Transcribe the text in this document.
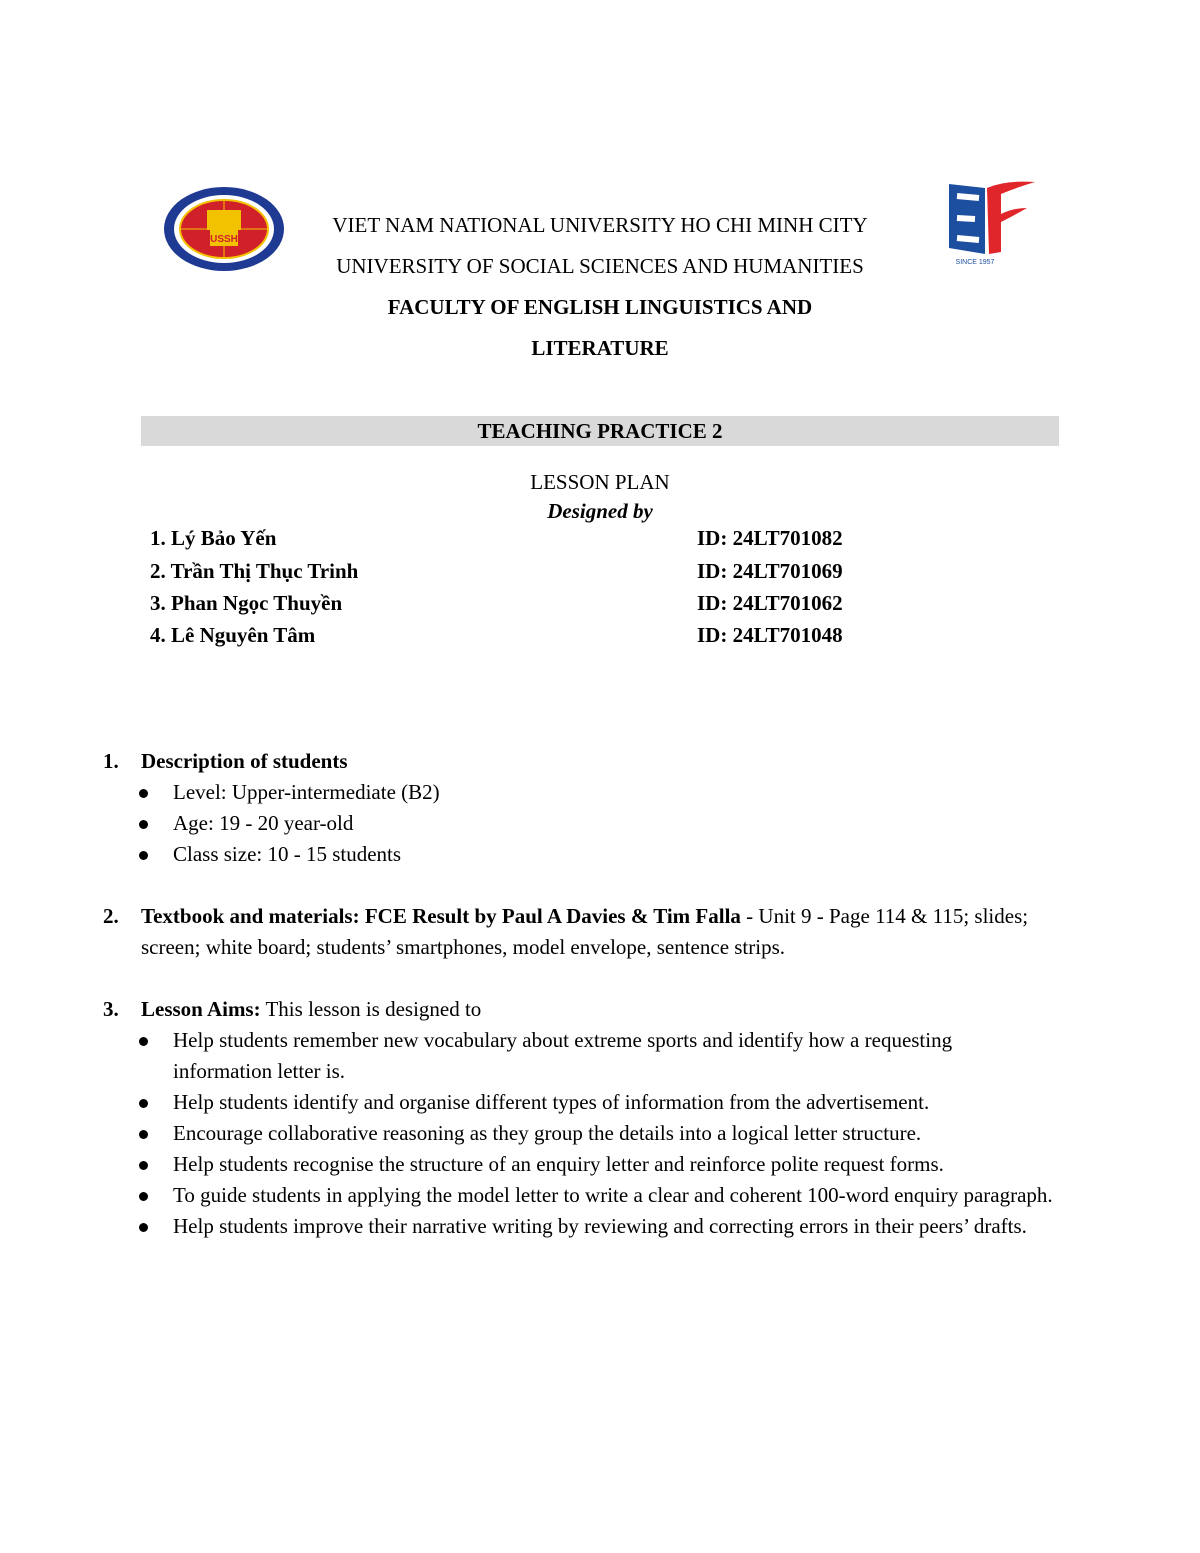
USSH
SINCE 1957
VIET NAM NATIONAL UNIVERSITY HO CHI MINH CITY
UNIVERSITY OF SOCIAL SCIENCES AND HUMANITIES
FACULTY OF ENGLISH LINGUISTICS AND
LITERATURE
TEACHING PRACTICE 2
LESSON PLAN
Designed by
1. Lý Bảo Yến	ID: 24LT701082
2. Trần Thị Thục Trinh	ID: 24LT701069
3. Phan Ngọc Thuyền	ID: 24LT701062
4. Lê Nguyên Tâm	ID: 24LT701048
1. Description of students
Level: Upper-intermediate (B2)
Age: 19 - 20 year-old
Class size: 10 - 15 students
2. Textbook and materials: FCE Result by Paul A Davies & Tim Falla - Unit 9 - Page 114 & 115; slides; screen; white board; students’ smartphones, model envelope, sentence strips.
3. Lesson Aims: This lesson is designed to
Help students remember new vocabulary about extreme sports and identify how a requesting information letter is.
Help students identify and organise different types of information from the advertisement.
Encourage collaborative reasoning as they group the details into a logical letter structure.
Help students recognise the structure of an enquiry letter and reinforce polite request forms.
To guide students in applying the model letter to write a clear and coherent 100-word enquiry paragraph.
Help students improve their narrative writing by reviewing and correcting errors in their peers’ drafts.
